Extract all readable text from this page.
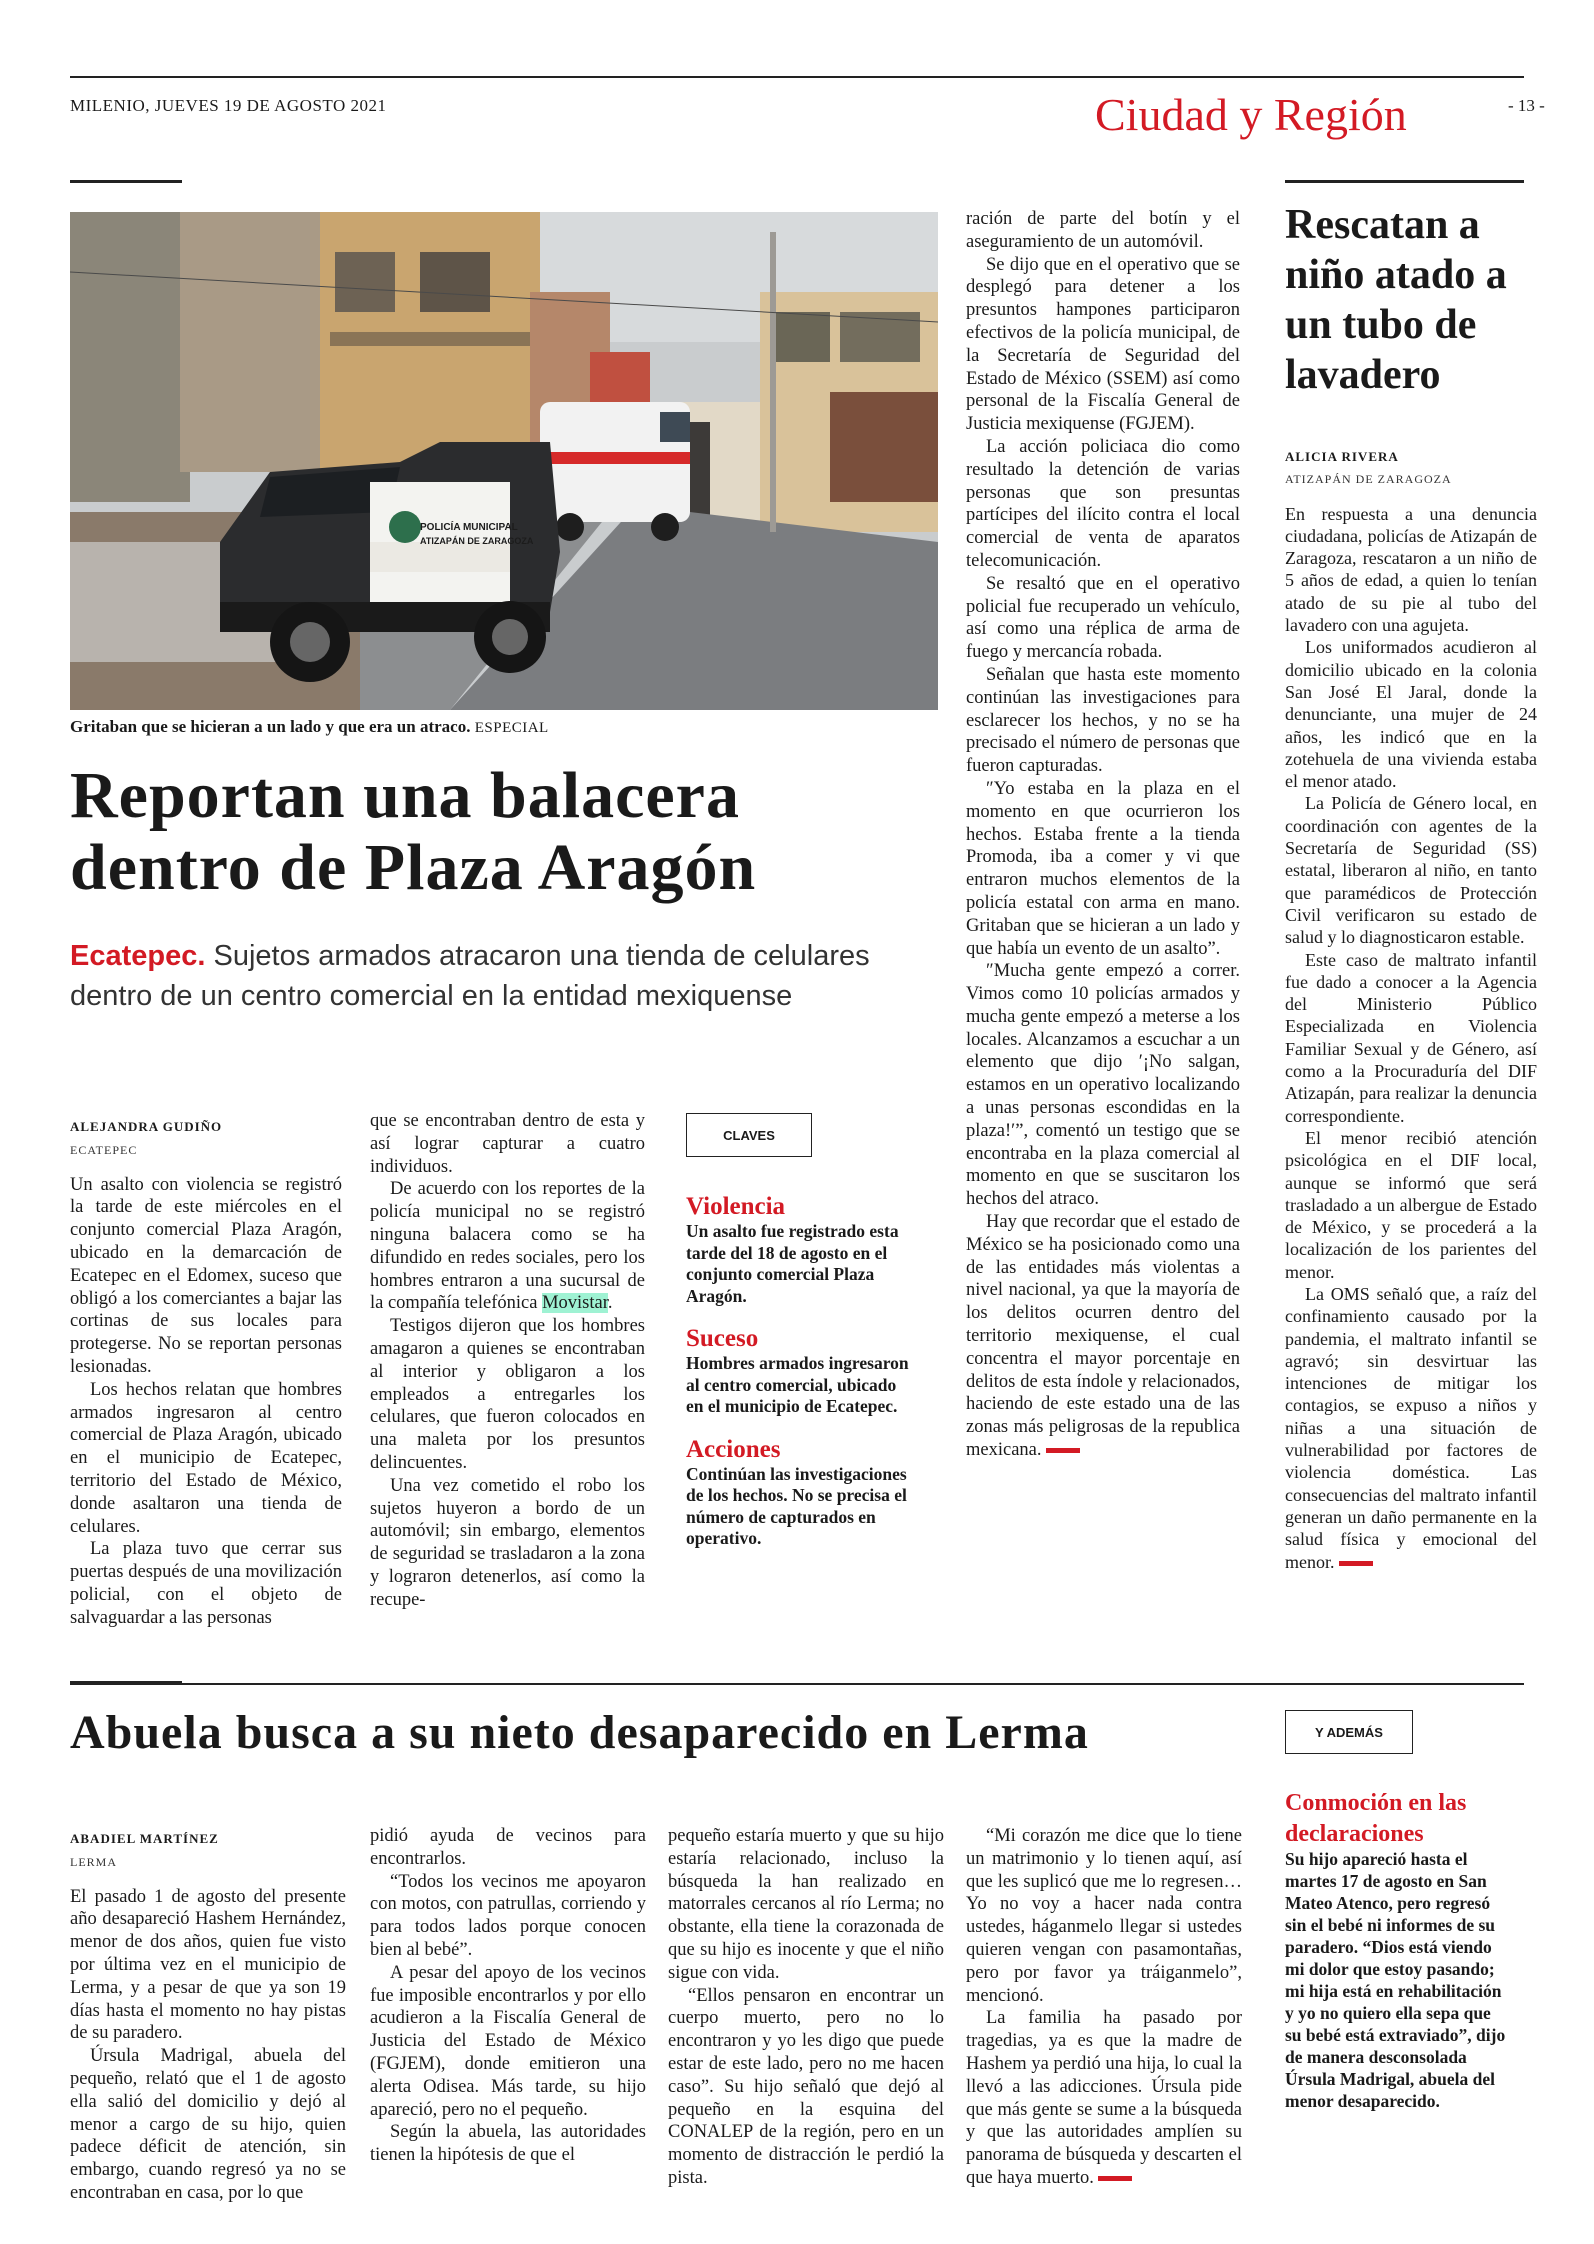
MILENIO, JUEVES 19 DE AGOSTO 2021	Ciudad y Región	- 13 -
POLICÍA MUNICIPAL
ATIZAPÁN DE ZARAGOZA
Gritaban que se hicieran a un lado y que era un atraco. ESPECIAL
Reportan una balacera
dentro de Plaza Aragón
Ecatepec. Sujetos armados atracaron una tienda de celulares dentro de un centro comercial en la entidad mexiquense
ALEJANDRA GUDIÑO
ECATEPEC

Un asalto con violencia se registró la tarde de este miércoles en el conjunto comercial Plaza Aragón, ubicado en la demarcación de Ecatepec en el Edomex, suceso que obligó a los comerciantes a bajar las cortinas de sus locales para protegerse. No se reportan personas lesionadas.

Los hechos relatan que hombres armados ingresaron al centro comercial de Plaza Aragón, ubicado en el municipio de Ecatepec, territorio del Estado de México, donde asaltaron una tienda de celulares.

La plaza tuvo que cerrar sus puertas después de una movilización policial, con el objeto de salvaguardar a las personas

que se encontraban dentro de esta y así lograr capturar a cuatro individuos.

De acuerdo con los reportes de la policía municipal no se registró ninguna balacera como se ha difundido en redes sociales, pero los hombres entraron a una sucursal de la compañía telefónica Movistar.

Testigos dijeron que los hombres amagaron a quienes se encontraban al interior y obligaron a los empleados a entregarles los celulares, que fueron colocados en una maleta por los presuntos delincuentes.

Una vez cometido el robo los sujetos huyeron a bordo de un automóvil; sin embargo, elementos de seguridad se trasladaron a la zona y lograron detenerlos, así como la recupe-

CLAVES
Violencia
Un asalto fue registrado esta tarde del 18 de agosto en el conjunto comercial Plaza Aragón.
Suceso
Hombres armados ingresaron al centro comercial, ubicado en el municipio de Ecatepec.
Acciones
Continúan las investigaciones de los hechos. No se precisa el número de capturados en operativo.

ración de parte del botín y el aseguramiento de un automóvil.

Se dijo que en el operativo que se desplegó para detener a los presuntos hampones participaron efectivos de la policía municipal, de la Secretaría de Seguridad del Estado de México (SSEM) así como personal de la Fiscalía General de Justicia mexiquense (FGJEM).

La acción policiaca dio como resultado la detención de varias personas que son presuntas partícipes del ilícito contra el local comercial de venta de aparatos telecomunicación.

Se resaltó que en el operativo policial fue recuperado un vehículo, así como una réplica de arma de fuego y mercancía robada.

Señalan que hasta este momento continúan las investigaciones para esclarecer los hechos, y no se ha precisado el número de personas que fueron capturadas.

″Yo estaba en la plaza en el momento en que ocurrieron los hechos. Estaba frente a la tienda Promoda, iba a comer y vi que entraron muchos elementos de la policía estatal con arma en mano. Gritaban que se hicieran a un lado y que había un evento de un asalto”.

″Mucha gente empezó a correr. Vimos como 10 policías armados y mucha gente empezó a meterse a los locales. Alcanzamos a escuchar a un elemento que dijo ′¡No salgan, estamos en un operativo localizando a unas personas escondidas en la plaza!′”, comentó un testigo que se encontraba en la plaza comercial al momento en que se suscitaron los hechos del atraco.

Hay que recordar que el estado de México se ha posicionado como una de las entidades más violentas a nivel nacional, ya que la mayoría de los delitos ocurren dentro del territorio mexiquense, el cual concentra el mayor porcentaje en delitos de esta índole y relacionados, haciendo de este estado una de las zonas más peligrosas de la republica mexicana.

Rescatan a niño atado a un tubo de lavadero
ALICIA RIVERA
ATIZAPÁN DE ZARAGOZA

En respuesta a una denuncia ciudadana, policías de Atizapán de Zaragoza, rescataron a un niño de 5 años de edad, a quien lo tenían atado de su pie al tubo del lavadero con una agujeta.

Los uniformados acudieron al domicilio ubicado en la colonia San José El Jaral, donde la denunciante, una mujer de 24 años, les indicó que en la zotehuela de una vivienda estaba el menor atado.

La Policía de Género local, en coordinación con agentes de la Secretaría de Seguridad (SS) estatal, liberaron al niño, en tanto que paramédicos de Protección Civil verificaron su estado de salud y lo diagnosticaron estable.

Este caso de maltrato infantil fue dado a conocer a la Agencia del Ministerio Público Especializada en Violencia Familiar Sexual y de Género, así como a la Procuraduría del DIF Atizapán, para realizar la denuncia correspondiente.

El menor recibió atención psicológica en el DIF local, aunque se informó que será trasladado a un albergue de Estado de México, y se procederá a la localización de los parientes del menor.

La OMS señaló que, a raíz del confinamiento causado por la pandemia, el maltrato infantil se agravó; sin desvirtuar las intenciones de mitigar los contagios, se expuso a niños y niñas a una situación de vulnerabilidad por factores de violencia doméstica. Las consecuencias del maltrato infantil generan un daño permanente en la salud física y emocional del menor.

Abuela busca a su nieto desaparecido en Lerma	Y ADEMÁS
ABADIEL MARTÍNEZ
LERMA

El pasado 1 de agosto del presente año desapareció Hashem Hernández, menor de dos años, quien fue visto por última vez en el municipio de Lerma, y a pesar de que ya son 19 días hasta el momento no hay pistas de su paradero.

Úrsula Madrigal, abuela del pequeño, relató que el 1 de agosto ella salió del domicilio y dejó al menor a cargo de su hijo, quien padece déficit de atención, sin embargo, cuando regresó ya no se encontraban en casa, por lo que

pidió ayuda de vecinos para encontrarlos.

“Todos los vecinos me apoyaron con motos, con patrullas, corriendo y para todos lados porque conocen bien al bebé”.

A pesar del apoyo de los vecinos fue imposible encontrarlos y por ello acudieron a la Fiscalía General de Justicia del Estado de México (FGJEM), donde emitieron una alerta Odisea. Más tarde, su hijo apareció, pero no el pequeño.

Según la abuela, las autoridades tienen la hipótesis de que el

pequeño estaría muerto y que su hijo estaría relacionado, incluso la búsqueda la han realizado en matorrales cercanos al río Lerma; no obstante, ella tiene la corazonada de que su hijo es inocente y que el niño sigue con vida.

“Ellos pensaron en encontrar un cuerpo muerto, pero no lo encontraron y yo les digo que puede estar de este lado, pero no me hacen caso”. Su hijo señaló que dejó al pequeño en la esquina del CONALEP de la región, pero en un momento de distracción le perdió la pista.

“Mi corazón me dice que lo tiene un matrimonio y lo tienen aquí, así que les suplicó que me lo regresen… Yo no voy a hacer nada contra ustedes, háganmelo llegar si ustedes quieren vengan con pasamontañas, pero por favor ya tráiganmelo”, mencionó.

La familia ha pasado por tragedias, ya es que la madre de Hashem ya perdió una hija, lo cual la llevó a las adicciones. Úrsula pide que más gente se sume a la búsqueda y que las autoridades amplíen su panorama de búsqueda y descarten el que haya muerto.

Conmoción en las declaraciones
Su hijo apareció hasta el martes 17 de agosto en San Mateo Atenco, pero regresó sin el bebé ni informes de su paradero. “Dios está viendo mi dolor que estoy pasando; mi hija está en rehabilitación y yo no quiero ella sepa que su bebé está extraviado”, dijo de manera desconsolada Úrsula Madrigal, abuela del menor desaparecido.
